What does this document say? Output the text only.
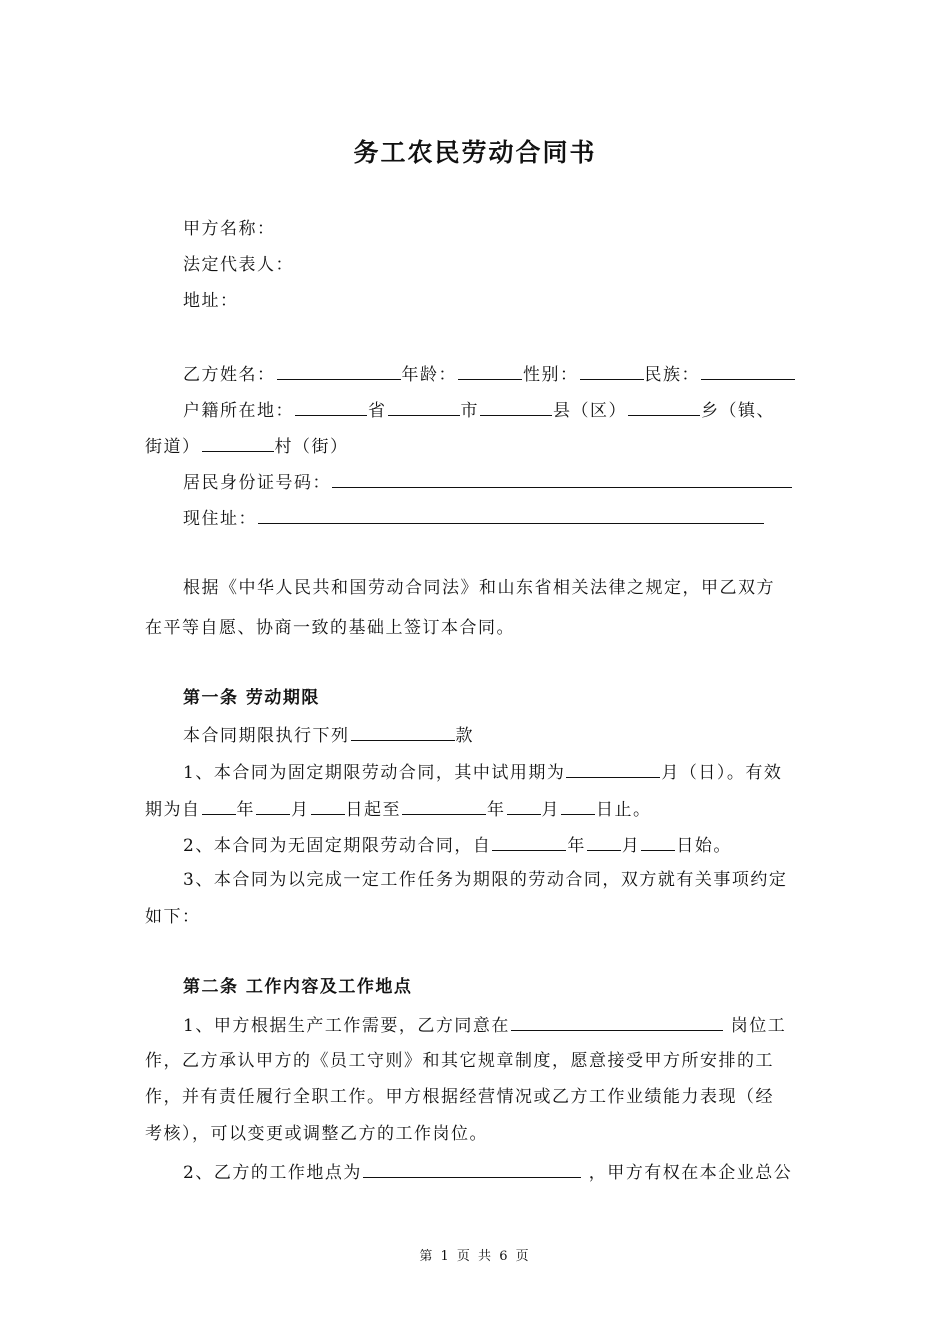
务工农民劳动合同书
甲方名称：
法定代表人：
地址：
乙方姓名：	年龄：	性别：	民族：
户籍所在地：	省	市	县（区）	乡（镇、
街道）	村（街）
居民身份证号码：
现住址：
根据《中华人民共和国劳动合同法》和山东省相关法律之规定，甲乙双方
在平等自愿、协商一致的基础上签订本合同。
第一条 劳动期限
本合同期限执行下列	款
1、本合同为固定期限劳动合同，其中试用期为	月（日）。有效
期为自 年 月 日起至	年 月 日止。
2、本合同为无固定期限劳动合同，自	年 月 日始。
3、本合同为以完成一定工作任务为期限的劳动合同，双方就有关事项约定
如下：
第二条 工作内容及工作地点
1、甲方根据生产工作需要，乙方同意在	岗位工
作，乙方承认甲方的《员工守则》和其它规章制度，愿意接受甲方所安排的工
作，并有责任履行全职工作。甲方根据经营情况或乙方工作业绩能力表现（经
考核），可以变更或调整乙方的工作岗位。
2、乙方的工作地点为	，甲方有权在本企业总公
第 1 页 共 6 页
